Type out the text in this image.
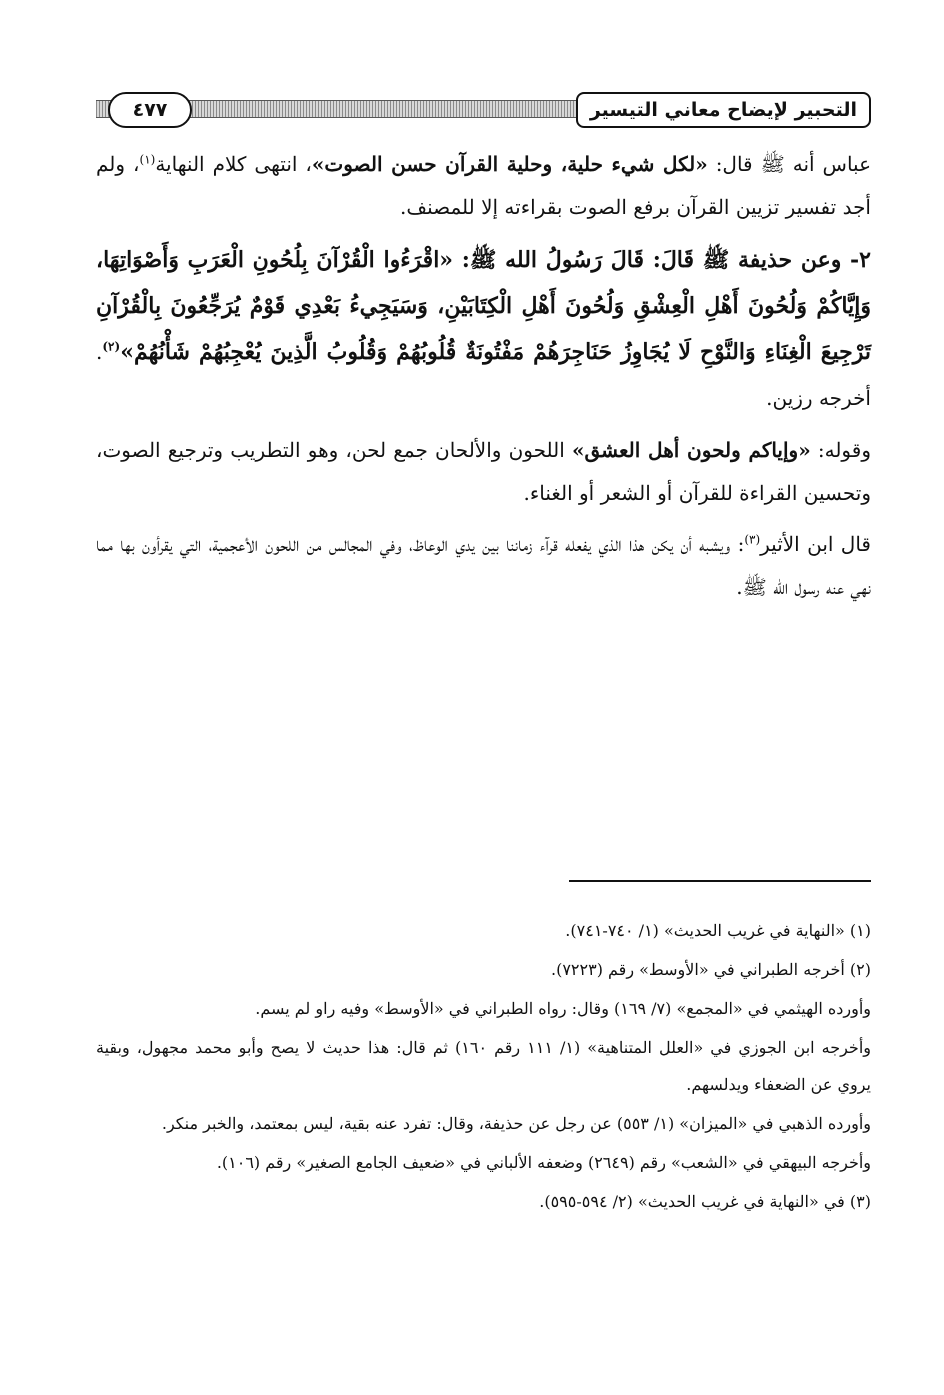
التحبير لإيضاح معاني التيسير
٤٧٧

عباس أنه ﷺ قال: «لكل شيء حلية، وحلية القرآن حسن الصوت»، انتهى كلام النهاية$^{(١)}$، ولم أجد تفسير تزيين القرآن برفع الصوت بقراءته إلا للمصنف.

٢- وعن حذيفة ﷺ قَالَ: قَالَ رَسُولُ الله ﷺ: «اقْرَءُوا الْقُرْآنَ بِلُحُونِ الْعَرَبِ وَأَصْوَاتِهَا، وَإِيَّاكُمْ وَلُحُونَ أَهْلِ الْعِشْقِ وَلُحُونَ أَهْلِ الْكِتَابَيْنِ، وَسَيَجِيءُ بَعْدِي قَوْمٌ يُرَجِّعُونَ بِالْقُرْآنِ تَرْجِيعَ الْغِنَاءِ وَالنَّوْحِ لَا يُجَاوِزُ حَنَاجِرَهُمْ مَفْتُونَةٌ قُلُوبُهُمْ وَقُلُوبُ الَّذِينَ يُعْجِبُهُمْ شَأْنُهُمْ»$^{(٢)}$. أخرجه رزين.

وقوله: «وإياكم ولحون أهل العشق» اللحون والألحان جمع لحن، وهو التطريب وترجيع الصوت، وتحسين القراءة للقرآن أو الشعر أو الغناء.

قال ابن الأثير$^{(٣)}$: ويشبه أن يكن هذا الذي يفعله قرآء زماننا بين يدي الوعاظ، وفي المجالس من اللحون الأعجمية، التي يقرأون بها مما نهي عنه رسول الله ﷺ.

(١) «النهاية في غريب الحديث» (١/ ٧٤٠-٧٤١).

(٢) أخرجه الطبراني في «الأوسط» رقم (٧٢٢٣).

وأورده الهيثمي في «المجمع» (٧/ ١٦٩) وقال: رواه الطبراني في «الأوسط» وفيه راو لم يسم.

وأخرجه ابن الجوزي في «العلل المتناهية» (١/ ١١١ رقم ١٦٠) ثم قال: هذا حديث لا يصح وأبو محمد مجهول، وبقية يروي عن الضعفاء ويدلسهم.

وأورده الذهبي في «الميزان» (١/ ٥٥٣) عن رجل عن حذيفة، وقال: تفرد عنه بقية، ليس بمعتمد، والخبر منكر.

وأخرجه البيهقي في «الشعب» رقم (٢٦٤٩) وضعفه الألباني في «ضعيف الجامع الصغير» رقم (١٠٦).

(٣) في «النهاية في غريب الحديث» (٢/ ٥٩٤-٥٩٥).
